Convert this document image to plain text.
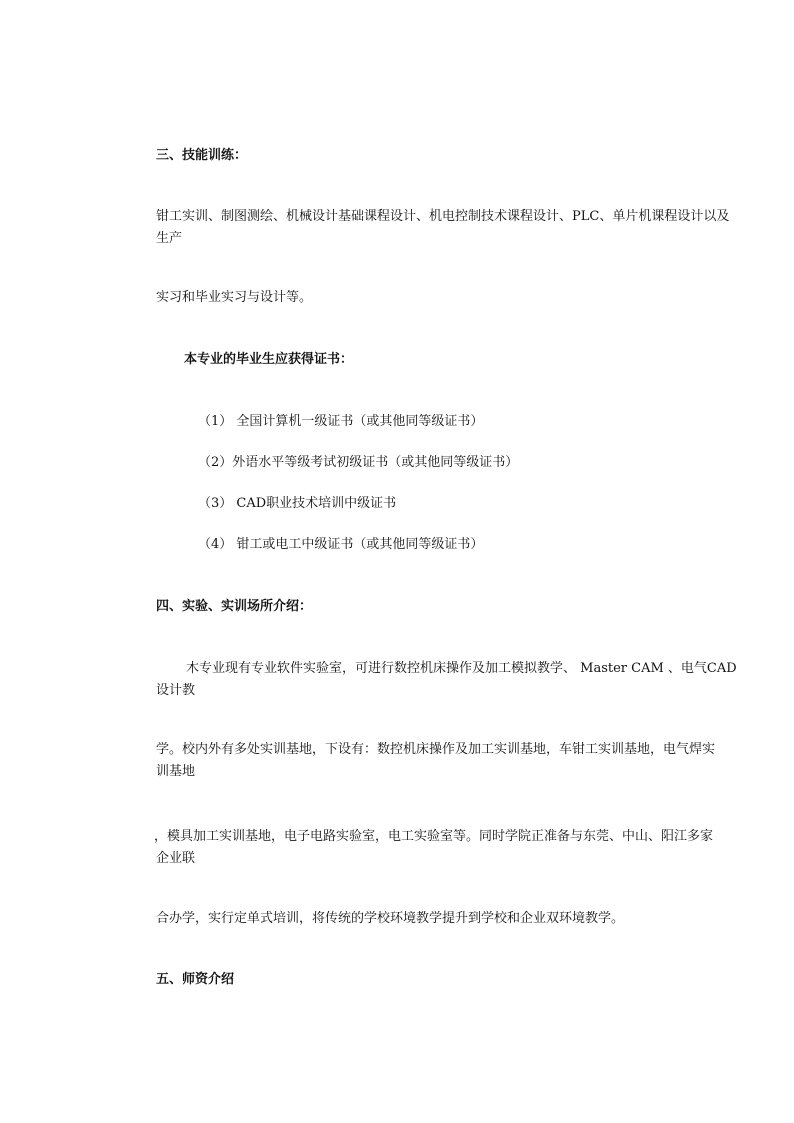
三、技能训练：
钳工实训、制图测绘、机械设计基础课程设计、机电控制技术课程设计、PLC、单片机课程设计以及
生产
实习和毕业实习与设计等。
本专业的毕业生应获得证书：
（1） 全国计算机一级证书（或其他同等级证书）
（2）外语水平等级考试初级证书（或其他同等级证书）
（3） CAD职业技术培训中级证书
（4） 钳工或电工中级证书（或其他同等级证书）
四、实验、实训场所介绍：
木专业现有专业软件实验室，可进行数控机床操作及加工模拟教学、 Master CAM 、电气CAD
设计教
学。校内外有多处实训基地，下设有：数控机床操作及加工实训基地，车钳工实训基地，电气焊实
训基地
，模具加工实训基地，电子电路实验室，电工实验室等。同时学院正准备与东莞、中山、阳江多家
企业联
合办学，实行定单式培训，将传统的学校环境教学提升到学校和企业双环境教学。
五、师资介绍
